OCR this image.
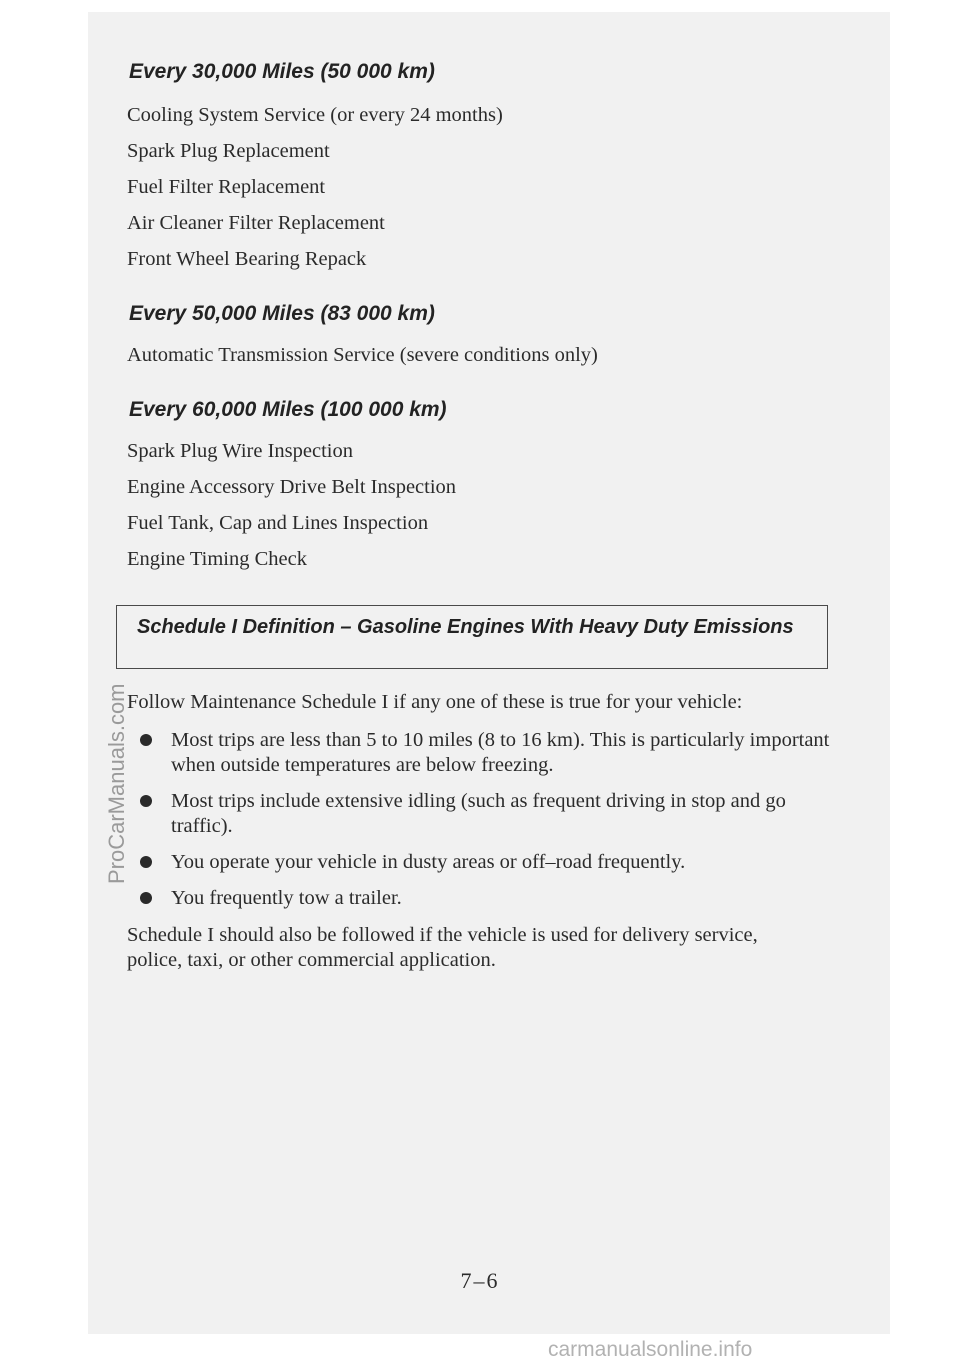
Every 30,000 Miles (50 000 km)

Cooling System Service (or every 24 months)

Spark Plug Replacement

Fuel Filter Replacement

Air Cleaner Filter Replacement

Front Wheel Bearing Repack

Every 50,000 Miles (83 000 km)

Automatic Transmission Service (severe conditions only)

Every 60,000 Miles (100 000 km)

Spark Plug Wire Inspection

Engine Accessory Drive Belt Inspection

Fuel Tank, Cap and Lines Inspection

Engine Timing Check

Schedule I Definition – Gasoline Engines With Heavy Duty Emissions

Follow Maintenance Schedule I if any one of these is true for your vehicle:

Most trips are less than 5 to 10 miles (8 to 16 km). This is particularly important when outside temperatures are below freezing.

Most trips include extensive idling (such as frequent driving in stop and go traffic).

You operate your vehicle in dusty areas or off–road frequently.

You frequently tow a trailer.

Schedule I should also be followed if the vehicle is used for delivery service, police, taxi, or other commercial application.

7–6

ProCarManuals.com
carmanualsonline.info
